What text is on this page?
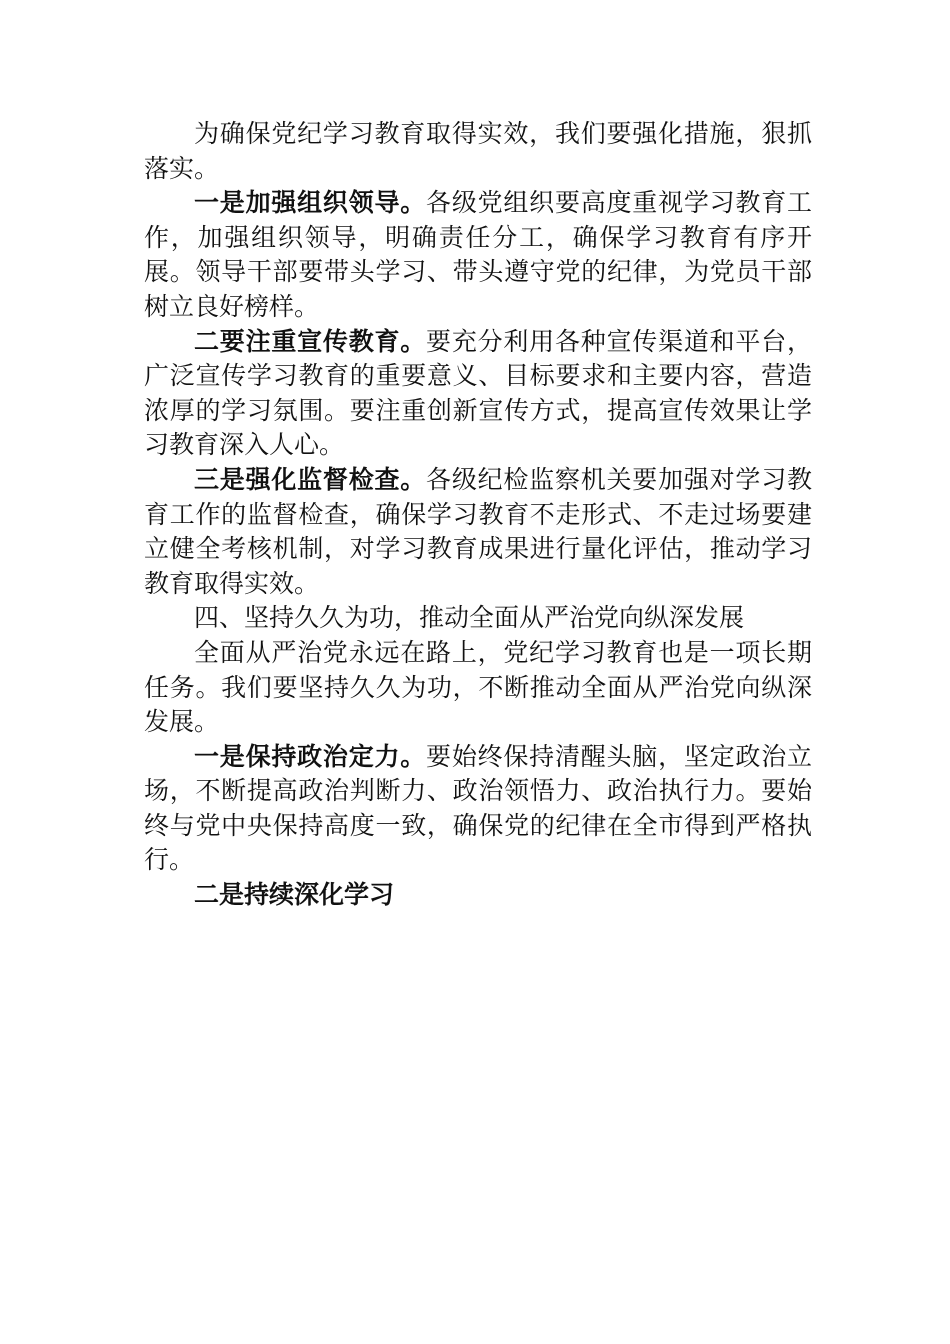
为确保党纪学习教育取得实效，我们要强化措施，狠抓落实。

一是加强组织领导。各级党组织要高度重视学习教育工作，加强组织领导，明确责任分工，确保学习教育有序开展。领导干部要带头学习、带头遵守党的纪律，为党员干部树立良好榜样。

二要注重宣传教育。要充分利用各种宣传渠道和平台，广泛宣传学习教育的重要意义、目标要求和主要内容，营造浓厚的学习氛围。要注重创新宣传方式，提高宣传效果让学习教育深入人心。

三是强化监督检查。各级纪检监察机关要加强对学习教育工作的监督检查，确保学习教育不走形式、不走过场要建立健全考核机制，对学习教育成果进行量化评估，推动学习教育取得实效。

四、坚持久久为功，推动全面从严治党向纵深发展

全面从严治党永远在路上，党纪学习教育也是一项长期任务。我们要坚持久久为功，不断推动全面从严治党向纵深发展。

一是保持政治定力。要始终保持清醒头脑，坚定政治立场，不断提高政治判断力、政治领悟力、政治执行力。要始终与党中央保持高度一致，确保党的纪律在全市得到严格执行。

二是持续深化学习
